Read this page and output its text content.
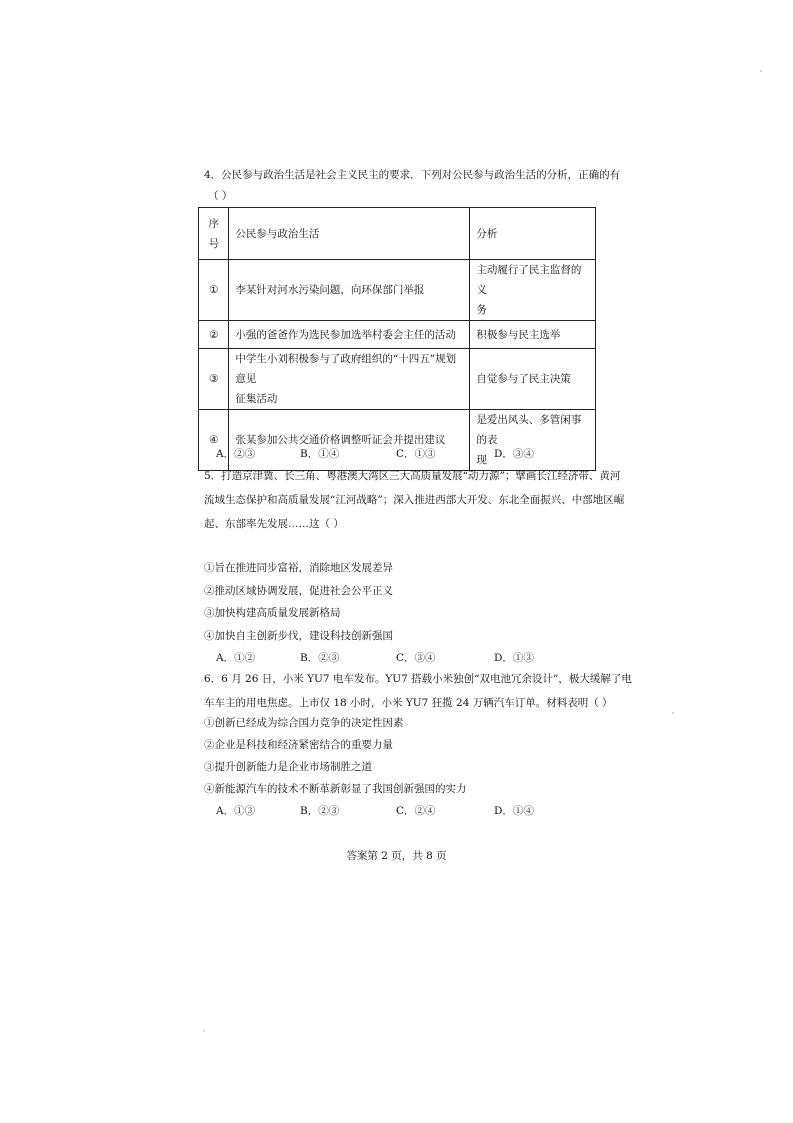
4．公民参与政治生活是社会主义民主的要求．下列对公民参与政治生活的分析，正确的有
（ ）
序
号	公民参与政治生活	分析
①	李某针对河水污染问题，向环保部门举报	主动履行了民主监督的义
务
②	小强的爸爸作为选民参加选举村委会主任的活动	积极参与民主选举
③	中学生小刘积极参与了政府组织的“十四五”规划意见
征集活动	自觉参与了民主决策
④	张某参加公共交通价格调整听证会并提出建议	是爱出风头、多管闲事的表
现
A．②③	B．①④	C．①③	D．③④
5．打造京津冀、长三角、粤港澳大湾区三大高质量发展“动力源”；擘画长江经济带、黄河
流域生态保护和高质量发展“江河战略”；深入推进西部大开发、东北全面振兴、中部地区崛
起、东部率先发展……这（ ）
①旨在推进同步富裕，消除地区发展差异
②推动区域协调发展，促进社会公平正义
③加快构建高质量发展新格局
④加快自主创新步伐，建设科技创新强国
A．①②	B．②③	C．③④	D．①③
6．6 月 26 日，小米 YU7 电车发布。YU7 搭载小米独创“双电池冗余设计”，极大缓解了电
车车主的用电焦虑。上市仅 18 小时，小米 YU7 狂揽 24 万辆汽车订单。材料表明（ ）
①创新已经成为综合国力竞争的决定性因素
②企业是科技和经济紧密结合的重要力量
③提升创新能力是企业市场制胜之道
④新能源汽车的技术不断革新彰显了我国创新强国的实力
A．①③	B．②③	C．②④	D．①④
答案第 2 页，共 8 页
